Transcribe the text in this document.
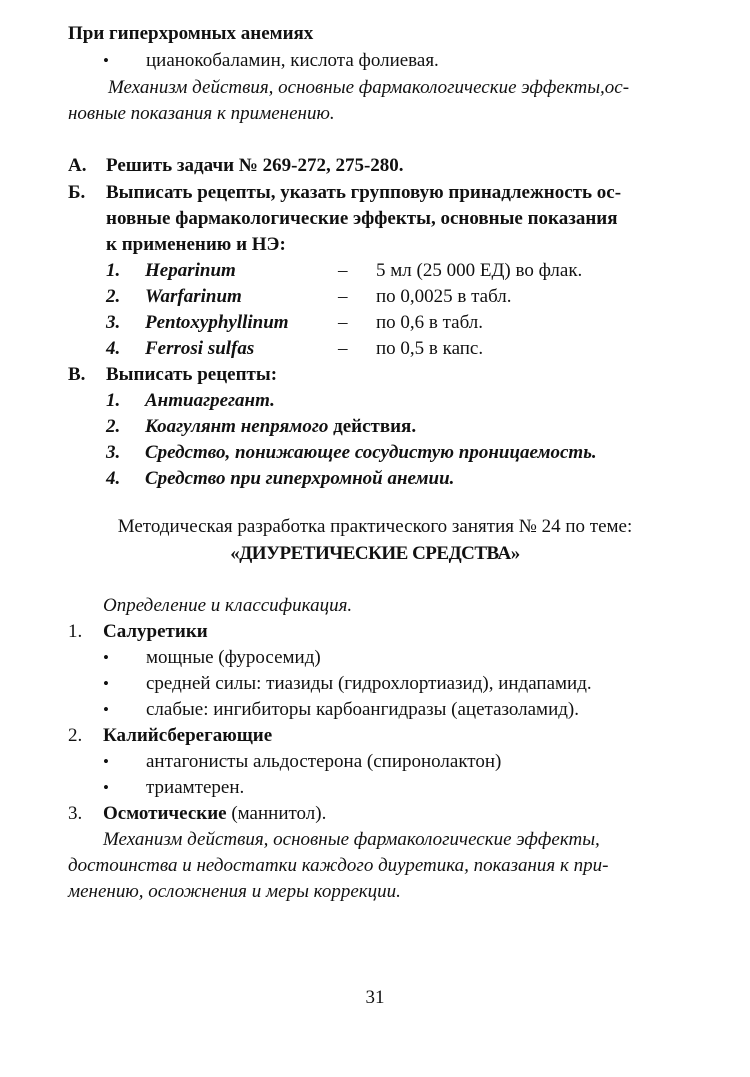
При гиперхромных анемиях
• цианокобаламин, кислота фолиевая.
Механизм действия, основные фармакологические эффекты,ос-
новные показания к применению.
А. Решить задачи № 269-272, 275-280.
Б. Выписать рецепты, указать групповую принадлежность ос-
новные фармакологические эффекты, основные показания
к применению и НЭ:
1. Heparinum	– 5 мл (25 000 ЕД) во флак.
2. Warfarinum	– по 0,0025 в табл.
3. Pentoxyphyllinum	– по 0,6 в табл.
4. Ferrosi sulfas	– по 0,5 в капс.
В. Выписать рецепты:
1. Антиагрегант.
2. Коагулянт непрямого действия.
3. Средство, понижающее сосудистую проницаемость.
4. Средство при гиперхромной анемии.
Методическая разработка практического занятия № 24 по теме:
«ДИУРЕТИЧЕСКИЕ СРЕДСТВА»
Определение и классификация.
1. Салуретики
• мощные (фуросемид)
• средней силы: тиазиды (гидрохлортиазид), индапамид.
• слабые: ингибиторы карбоангидразы (ацетазоламид).
2. Калийсберегающие
• антагонисты альдостерона (спиронолактон)
• триамтерен.
3. Осмотические (маннитол).
Механизм действия, основные фармакологические эффекты,
достоинства и недостатки каждого диуретика, показания к при-
менению, осложнения и меры коррекции.
31
